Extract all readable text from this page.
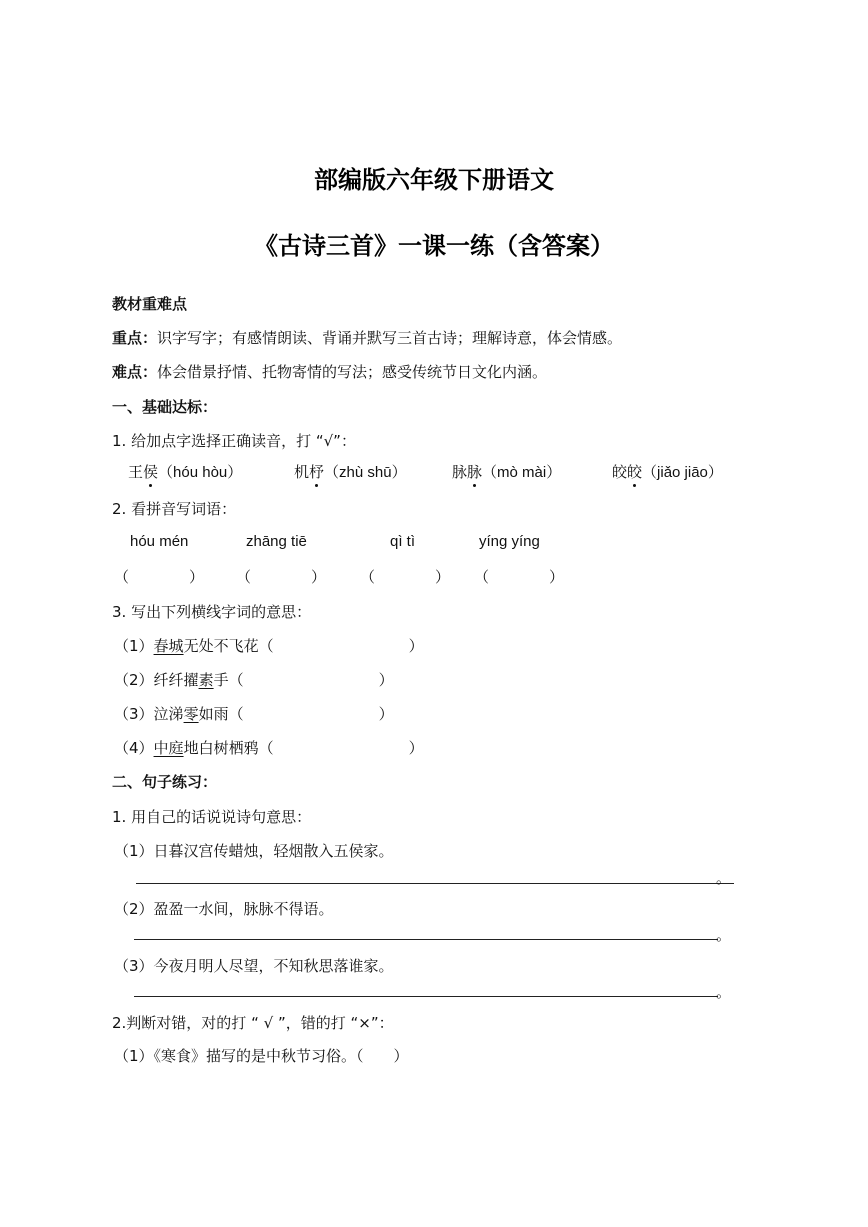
部编版六年级下册语文
《古诗三首》一课一练（含答案）
教材重难点
重点：识字写字；有感情朗读、背诵并默写三首古诗；理解诗意，体会情感。
难点：体会借景抒情、托物寄情的写法；感受传统节日文化内涵。
一、基础达标：
1. 给加点字选择正确读音，打 “√”：
王侯（hóu hòu）	机杼（zhù shū）	脉脉（mò mài）	皎皎（jiǎo jiāo）
2. 看拼音写词语：
hóu mén	zhāng tiē	qì tì	yíng yíng
（　　　　） （　　　　） （　　　　） （　　　　）
3. 写出下列横线字词的意思：
（1）春城无处不飞花（　　　　　　　　　）
（2）纤纤擢素手（　　　　　　　　　）
（3）泣涕零如雨（　　　　　　　　　）
（4）中庭地白树栖鸦（　　　　　　　　　）
二、句子练习：
1. 用自己的话说说诗句意思：
（1）日暮汉宫传蜡烛，轻烟散入五侯家。
。
（2）盈盈一水间，脉脉不得语。
。
（3）今夜月明人尽望，不知秋思落谁家。
。
2.判断对错，对的打 “ √ ”，错的打 “×”：
（1）《寒食》描写的是中秋节习俗。（　　）
